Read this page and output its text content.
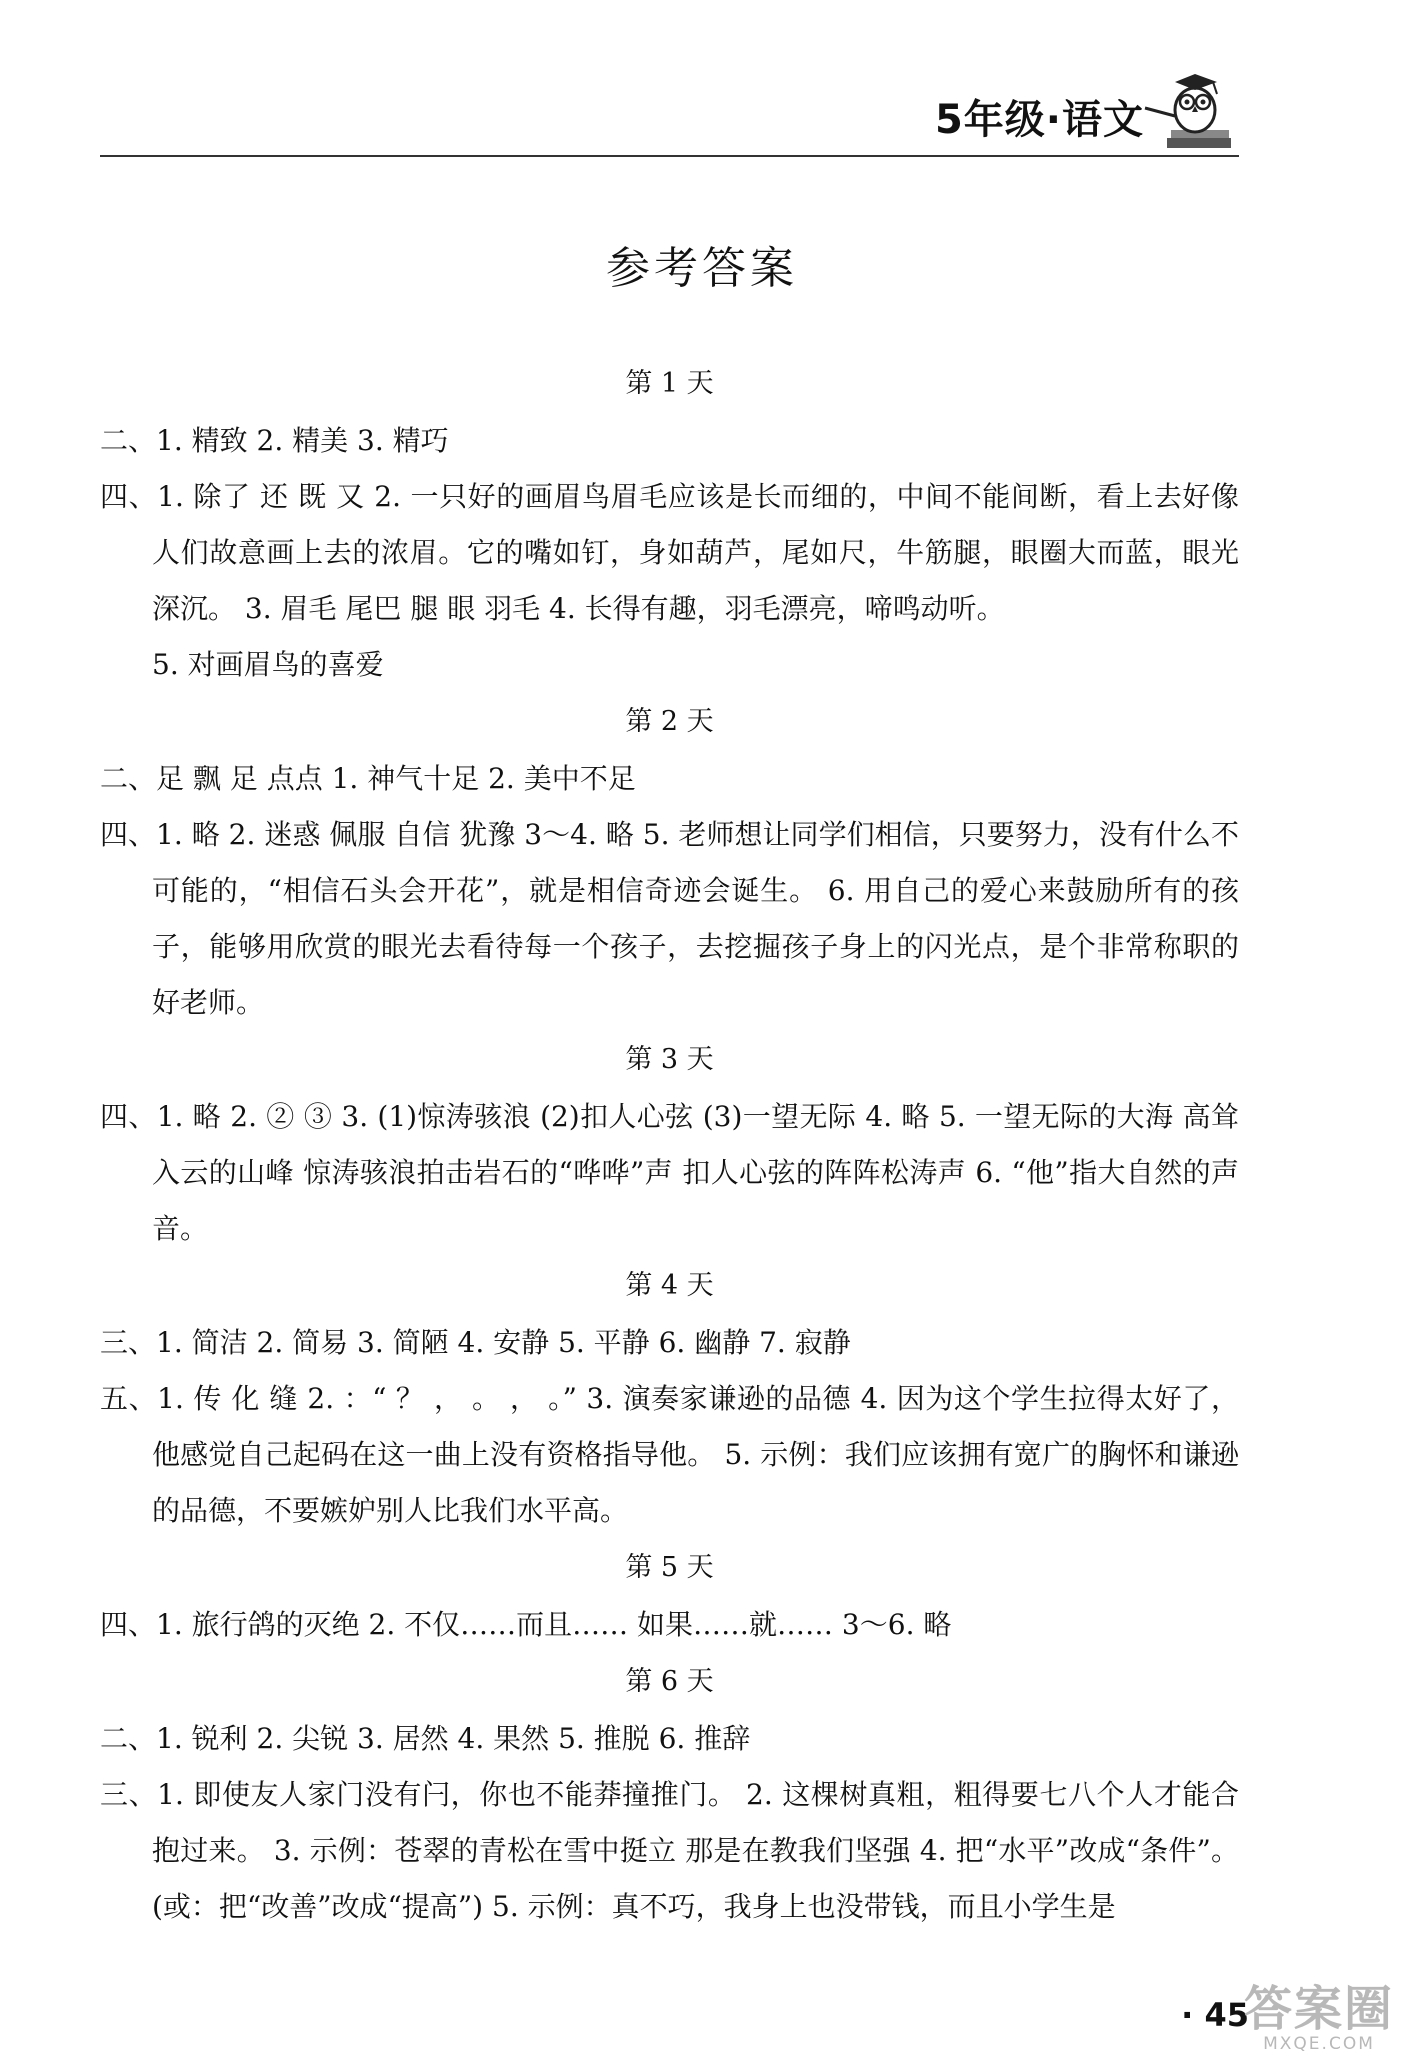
5年级·语文
参考答案
第 1 天
二、1. 精致 2. 精美 3. 精巧
四、1. 除了 还 既 又 2. 一只好的画眉鸟眉毛应该是长而细的，中间不能间断，看上去好像人们故意画上去的浓眉。它的嘴如钉，身如葫芦，尾如尺，牛筋腿，眼圈大而蓝，眼光深沉。 3. 眉毛 尾巴 腿 眼 羽毛 4. 长得有趣，羽毛漂亮，啼鸣动听。
5. 对画眉鸟的喜爱
第 2 天
二、足 飘 足 点点 1. 神气十足 2. 美中不足
四、1. 略 2. 迷惑 佩服 自信 犹豫 3～4. 略 5. 老师想让同学们相信，只要努力，没有什么不可能的，“相信石头会开花”，就是相信奇迹会诞生。 6. 用自己的爱心来鼓励所有的孩子，能够用欣赏的眼光去看待每一个孩子，去挖掘孩子身上的闪光点，是个非常称职的好老师。
第 3 天
四、1. 略 2. ② ③ 3. (1)惊涛骇浪 (2)扣人心弦 (3)一望无际 4. 略 5. 一望无际的大海 高耸入云的山峰 惊涛骇浪拍击岩石的“哗哗”声 扣人心弦的阵阵松涛声 6. “他”指大自然的声音。
第 4 天
三、1. 简洁 2. 简易 3. 简陋 4. 安静 5. 平静 6. 幽静 7. 寂静
五、1. 传 化 缝 2. ：“ ？ ， 。 ， 。” 3. 演奏家谦逊的品德 4. 因为这个学生拉得太好了，他感觉自己起码在这一曲上没有资格指导他。 5. 示例：我们应该拥有宽广的胸怀和谦逊的品德，不要嫉妒别人比我们水平高。
第 5 天
四、1. 旅行鸽的灭绝 2. 不仅……而且…… 如果……就…… 3～6. 略
第 6 天
二、1. 锐利 2. 尖锐 3. 居然 4. 果然 5. 推脱 6. 推辞
三、1. 即使友人家门没有闩，你也不能莽撞推门。 2. 这棵树真粗，粗得要七八个人才能合抱过来。 3. 示例：苍翠的青松在雪中挺立 那是在教我们坚强 4. 把“水平”改成“条件”。(或：把“改善”改成“提高”) 5. 示例：真不巧，我身上也没带钱，而且小学生是
· 45
答案圈
MXQE.COM
